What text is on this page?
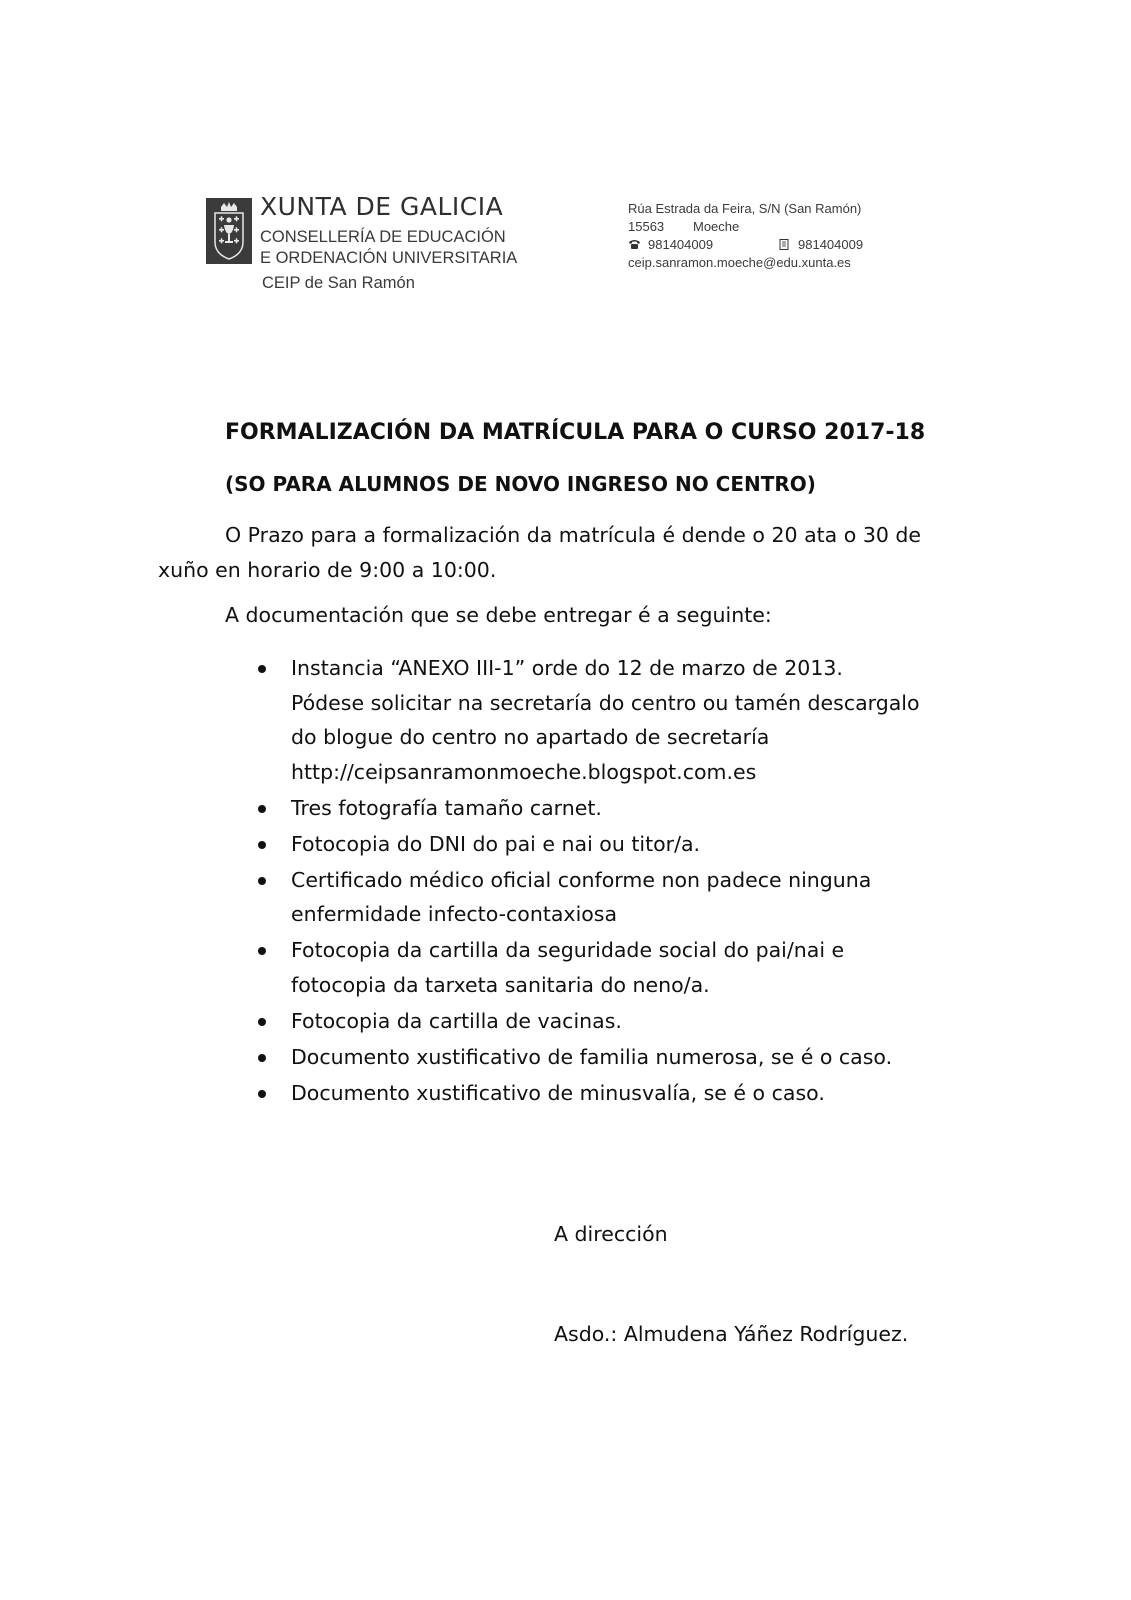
XUNTA DE GALICIA
CONSELLERÍA DE EDUCACIÓN
E ORDENACIÓN UNIVERSITARIA
CEIP de San Ramón
Rúa Estrada da Feira, S/N (San Ramón)
15563 Moeche
981404009	981404009
ceip.sanramon.moeche@edu.xunta.es
FORMALIZACIÓN DA MATRÍCULA PARA O CURSO 2017-18
(SO PARA ALUMNOS DE NOVO INGRESO NO CENTRO)
O Prazo para a formalización da matrícula é dende o 20 ata o 30 de
xuño en horario de 9:00 a 10:00.
A documentación que se debe entregar é a seguinte:
Instancia “ANEXO III-1” orde do 12 de marzo de 2013.
Pódese solicitar na secretaría do centro ou tamén descargalo
do blogue do centro no apartado de secretaría
http://ceipsanramonmoeche.blogspot.com.es
Tres fotografía tamaño carnet.
Fotocopia do DNI do pai e nai ou titor/a.
Certificado médico oficial conforme non padece ninguna
enfermidade infecto-contaxiosa
Fotocopia da cartilla da seguridade social do pai/nai e
fotocopia da tarxeta sanitaria do neno/a.
Fotocopia da cartilla de vacinas.
Documento xustificativo de familia numerosa, se é o caso.
Documento xustificativo de minusvalía, se é o caso.
A dirección
Asdo.: Almudena Yáñez Rodríguez.
